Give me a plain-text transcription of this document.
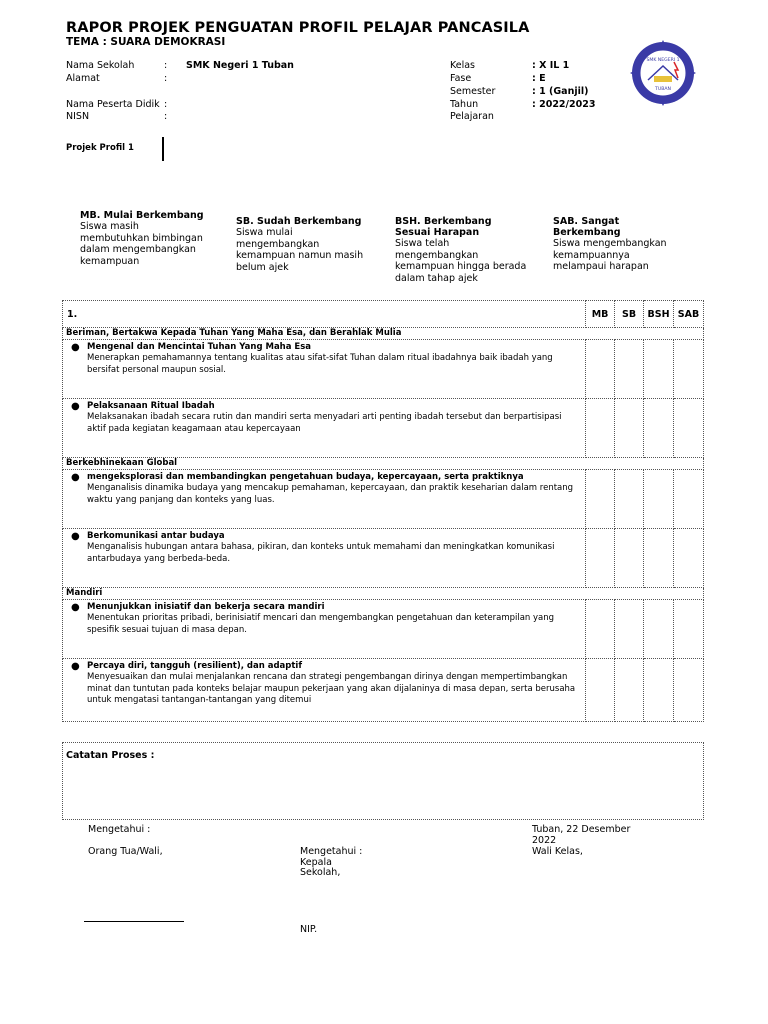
RAPOR PROJEK PENGUATAN PROFIL PELAJAR PANCASILA
TEMA : SUARA DEMOKRASI
SMK NEGERI 1
TUBAN
Nama Sekolah	: SMK Negeri 1 Tuban
Alamat	:
Nama Peserta Didik :
NISN	:
Kelas	: X IL 1
Fase	: E
Semester	: 1 (Ganjil)
Tahun Pelajaran
: 2022/2023
Projek Profil 1
MB. Mulai Berkembang
Siswa masih membutuhkan bimbingan dalam mengembangkan kemampuan
SB. Sudah Berkembang
Siswa mulai mengembangkan kemampuan namun masih belum ajek
BSH. Berkembang Sesuai Harapan
Siswa telah mengembangkan kemampuan hingga berada dalam tahap ajek
SAB. Sangat Berkembang
Siswa mengembangkan kemampuannya melampaui harapan
1.	MB	SB	BSH	SAB
Beriman, Bertakwa Kepada Tuhan Yang Maha Esa, dan Berahlak Mulia				

● Mengenal dan Mencintai Tuhan Yang Maha Esa
Menerapkan pemahamannya tentang kualitas atau sifat-sifat Tuhan dalam ritual ibadahnya baik ibadah yang bersifat personal maupun sosial.				

● Pelaksanaan Ritual Ibadah
Melaksanakan ibadah secara rutin dan mandiri serta menyadari arti penting ibadah tersebut dan berpartisipasi aktif pada kegiatan keagamaan atau kepercayaan				

Berkebhinekaan Global				

● mengeksplorasi dan membandingkan pengetahuan budaya, kepercayaan, serta praktiknya
Menganalisis dinamika budaya yang mencakup pemahaman, kepercayaan, dan praktik keseharian dalam rentang waktu yang panjang dan konteks yang luas.				

● Berkomunikasi antar budaya
Menganalisis hubungan antara bahasa, pikiran, dan konteks untuk memahami dan meningkatkan komunikasi antarbudaya yang berbeda-beda.				

Mandiri				

● Menunjukkan inisiatif dan bekerja secara mandiri
Menentukan prioritas pribadi, berinisiatif mencari dan mengembangkan pengetahuan dan keterampilan yang spesifik sesuai tujuan di masa depan.				

● Percaya diri, tangguh (resilient), dan adaptif
Menyesuaikan dan mulai menjalankan rencana dan strategi pengembangan dirinya dengan mempertimbangkan minat dan tuntutan pada konteks belajar maupun pekerjaan yang akan dijalaninya di masa depan, serta berusaha untuk mengatasi tantangan-tantangan yang ditemui				

Catatan Proses :
Mengetahui :
Orang Tua/Wali,	Mengetahui :
Kepala
Sekolah,
NIP.
Tuban, 22 Desember
2022
Wali Kelas,
